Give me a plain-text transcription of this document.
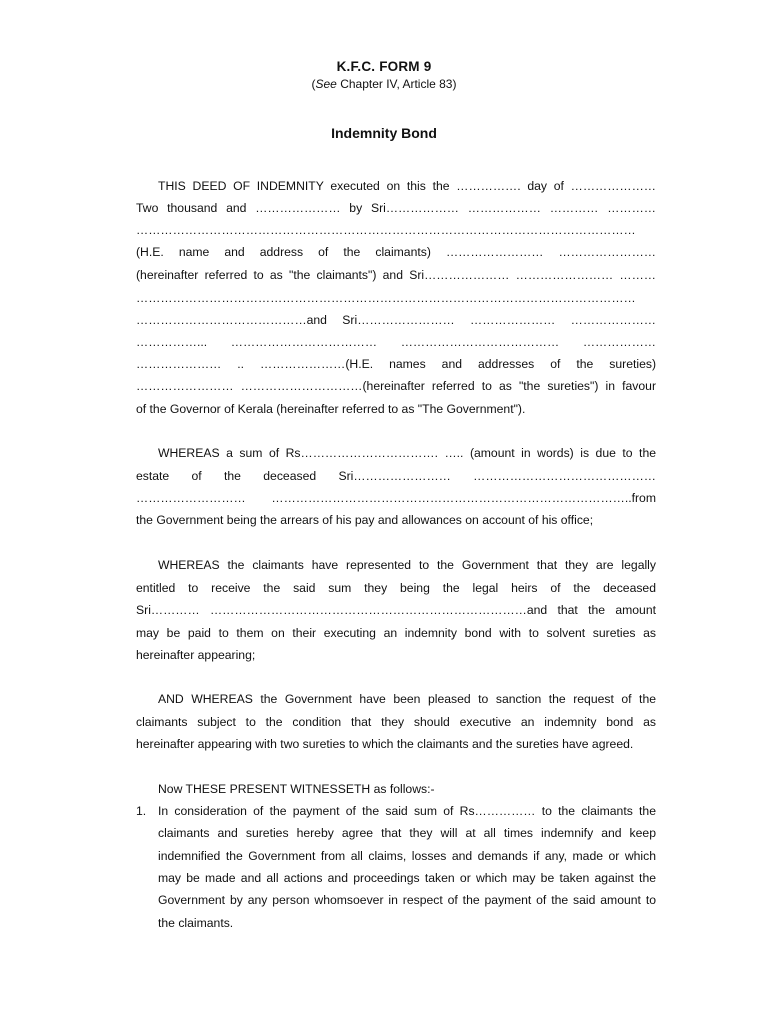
K.F.C. FORM 9
(See Chapter IV, Article 83)
Indemnity Bond
THIS DEED OF INDEMNITY executed on this the ……………. day of …………………
Two thousand and ………………… by Sri……………… ……………… ………… …………
……………………………………………………………………………………………………………
(H.E. name and address of the claimants) …………………… ……………………
(hereinafter referred to as "the claimants") and Sri………………… …………………… ………
……………………………………………………………………………………………………………
……………………………………and Sri…………………… ………………… …………………
……………... ……………………………… ………………………………… ………………
………………… .. …………………(H.E. names and addresses of the sureties)
…………………… …………………………(hereinafter referred to as "the sureties") in favour
of the Governor of Kerala (hereinafter referred to as "The Government").
WHEREAS a sum of Rs……………………………. ….. (amount in words) is due to the
estate of the deceased Sri…………………… ………………………………………
……………………… ……………………………………………………………………………..from
the Government being the arrears of his pay and allowances on account of his office;
WHEREAS the claimants have represented to the Government that they are legally
entitled to receive the said sum they being the legal heirs of the deceased
Sri………… ……………………………………………………………………and that the amount
may be paid to them on their executing an indemnity bond with to solvent sureties as
hereinafter appearing;
AND WHEREAS the Government have been pleased to sanction the request of the
claimants subject to the condition that they should executive an indemnity bond as
hereinafter appearing with two sureties to which the claimants and the sureties have agreed.
Now THESE PRESENT WITNESSETH as follows:-
1. In consideration of the payment of the said sum of Rs…………… to the claimants the
claimants and sureties hereby agree that they will at all times indemnify and keep
indemnified the Government from all claims, losses and demands if any, made or which
may be made and all actions and proceedings taken or which may be taken against the
Government by any person whomsoever in respect of the payment of the said amount to
the claimants.
